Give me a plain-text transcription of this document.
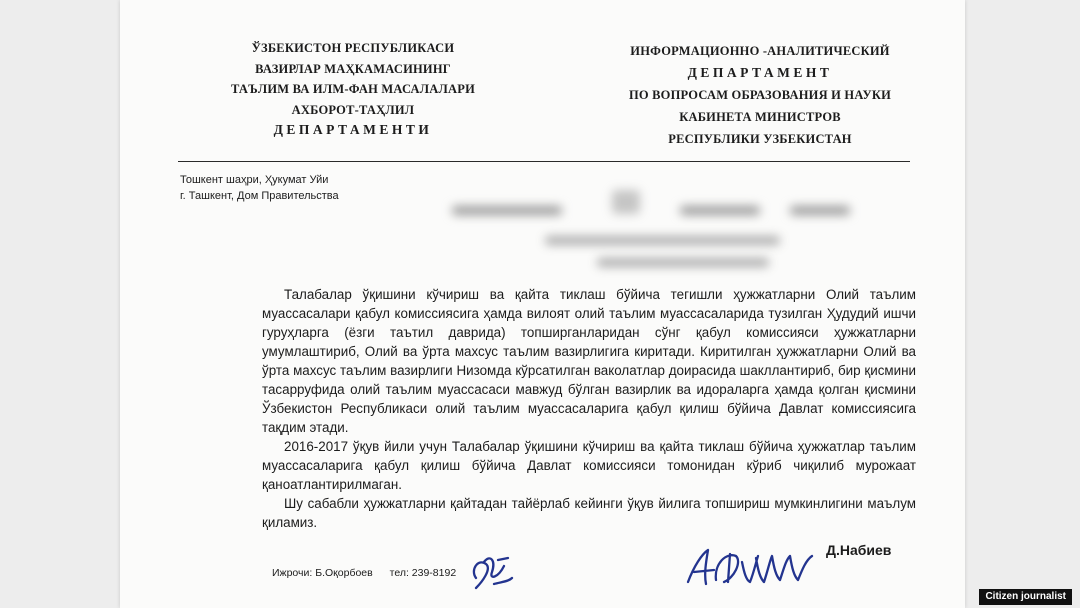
ЎЗБЕКИСТОН РЕСПУБЛИКАСИ
ВАЗИРЛАР МАҲКАМАСИНИНГ
ТАЪЛИМ ВА ИЛМ-ФАН МАСАЛАЛАРИ
АХБОРОТ-ТАҲЛИЛ
ДЕПАРТАМЕНТИ
ИНФОРМАЦИОННО -АНАЛИТИЧЕСКИЙ
ДЕПАРТАМЕНТ
ПО ВОПРОСАМ ОБРАЗОВАНИЯ И НАУКИ
КАБИНЕТА МИНИСТРОВ
РЕСПУБЛИКИ УЗБЕКИСТАН
Тошкент шаҳри, Ҳукумат Уйи
г. Ташкент, Дом Правительства

Талабалар ўқишини кўчириш ва қайта тиклаш бўйича тегишли ҳужжатларни Олий таълим муассасалари қабул комиссиясига ҳамда вилоят олий таълим муассасаларида тузилган Ҳудудий ишчи гуруҳларга (ёзги таътил даврида) топширганларидан сўнг қабул комиссияси ҳужжатларни умумлаштириб, Олий ва ўрта махсус таълим вазирлигига киритади. Киритилган ҳужжатларни Олий ва ўрта махсус таълим вазирлиги Низомда кўрсатилган ваколатлар доирасида шакллантириб, бир қисмини тасарруфида олий таълим муассасаси мавжуд бўлган вазирлик ва идораларга ҳамда қолган қисмини Ўзбекистон Республикаси олий таълим муассасаларига қабул қилиш бўйича Давлат комиссиясига тақдим этади.

2016-2017 ўқув йили учун Талабалар ўқишини кўчириш ва қайта тиклаш бўйича ҳужжатлар таълим муассасаларига қабул қилиш бўйича Давлат комиссияси томонидан кўриб чиқилиб мурожаат қаноатлантирилмаган.

Шу сабабли ҳужжатларни қайтадан тайёрлаб кейинги ўқув йилига топшириш мумкинлигини маълум қиламиз.

Ижрочи: Б.Оқорбоев тел: 239-8192
Д.Набиев
Citizen journalist
